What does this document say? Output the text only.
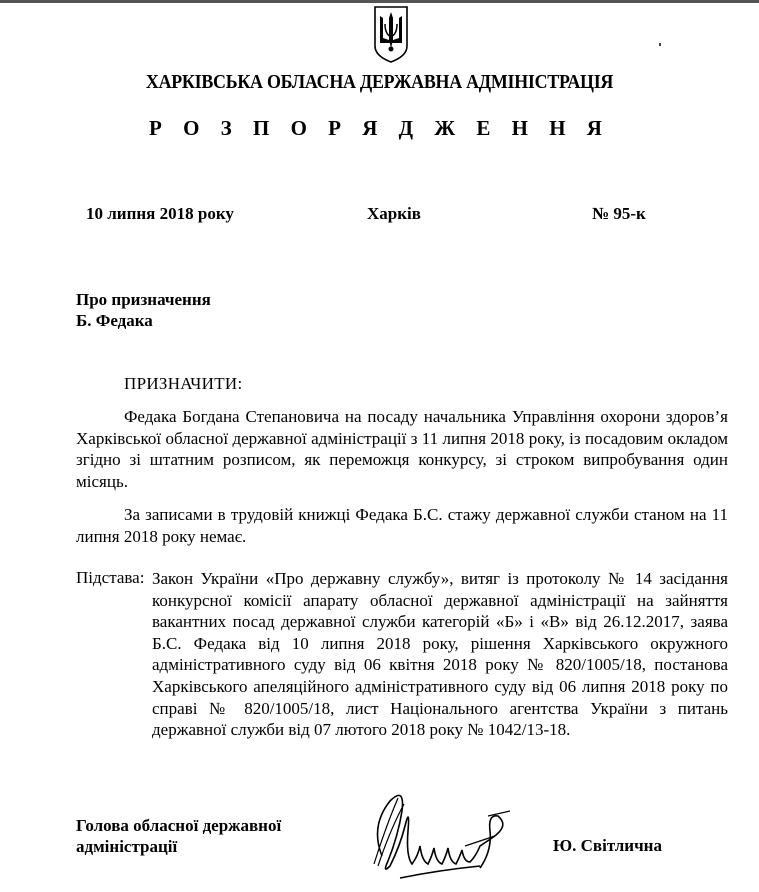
ХАРКІВСЬКА ОБЛАСНА ДЕРЖАВНА АДМІНІСТРАЦІЯ
Р О З П О Р Я Д Ж Е Н Н Я
10 липня 2018 року	Харків	№ 95-к
Про призначення
Б. Федака
ПРИЗНАЧИТИ:
Федака Богдана Степановича на посаду начальника Управління охорони здоров’я Харківської обласної державної адміністрації з 11 липня 2018 року, із посадовим окладом згідно зі штатним розписом, як переможця конкурсу, зі строком випробування один місяць.
За записами в трудовій книжці Федака Б.С. стажу державної служби станом на 11 липня 2018 року немає.
Підстава: Закон України «Про державну службу», витяг із протоколу № 14 засідання конкурсної комісії апарату обласної державної адміністрації на зайняття вакантних посад державної служби категорій «Б» і «В» від 26.12.2017, заява Б.С. Федака від 10 липня 2018 року, рішення Харківського окружного адміністративного суду від 06 квітня 2018 року № 820/1005/18, постанова Харківського апеляційного адміністративного суду від 06 липня 2018 року по справі № 820/1005/18, лист Національного агентства України з питань державної служби від 07 лютого 2018 року № 1042/13-18.
Голова обласної державної
адміністрації	Ю. Світлична
